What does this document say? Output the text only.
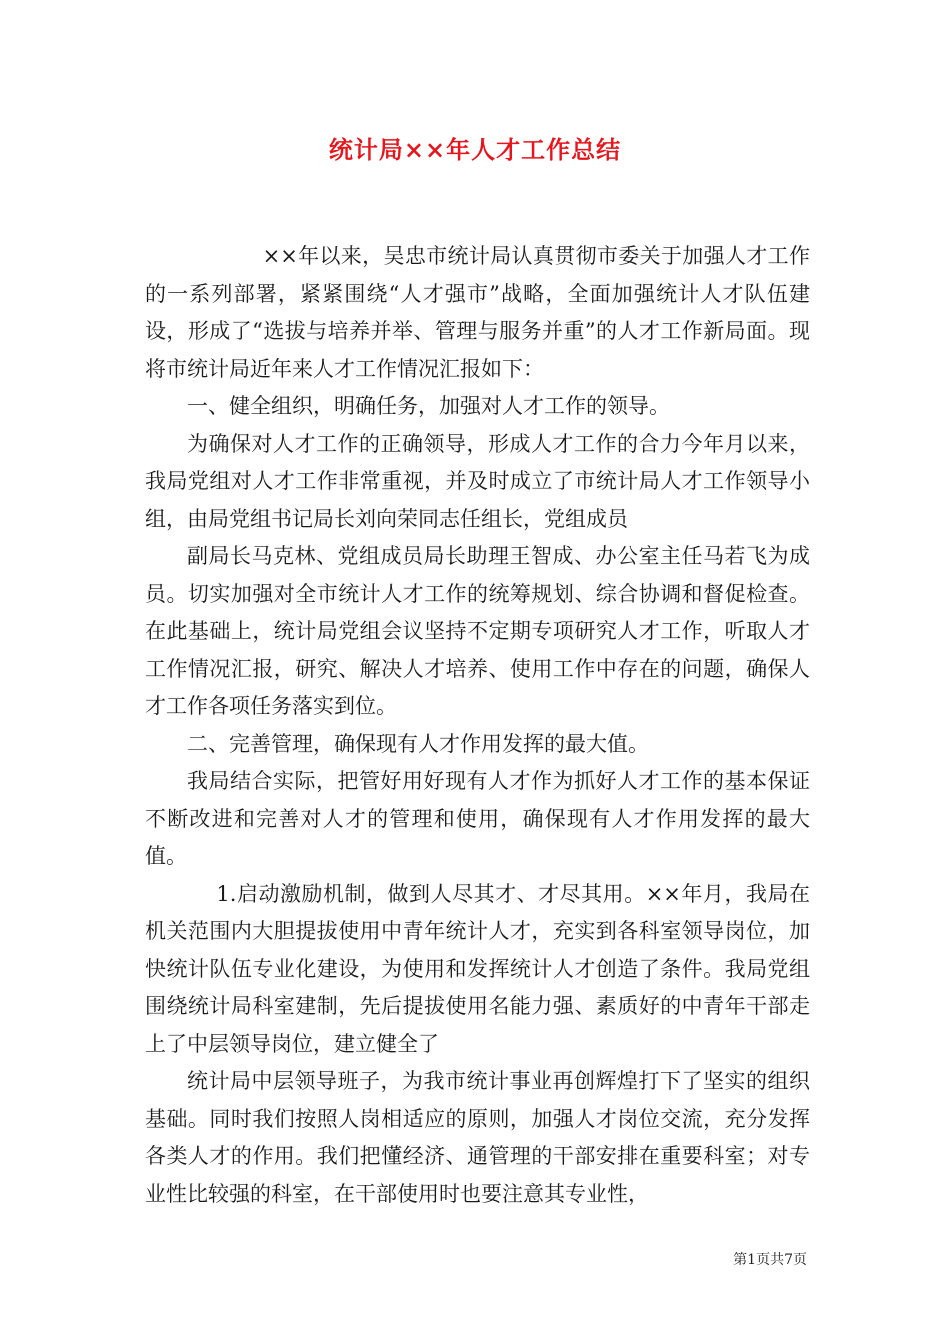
统计局××年人才工作总结

××年以来，吴忠市统计局认真贯彻市委关于加强人才工作的一系列部署，紧紧围绕“人才强市”战略，全面加强统计人才队伍建设，形成了“选拔与培养并举、管理与服务并重”的人才工作新局面。现将市统计局近年来人才工作情况汇报如下：

一、健全组织，明确任务，加强对人才工作的领导。

为确保对人才工作的正确领导，形成人才工作的合力今年月以来，我局党组对人才工作非常重视，并及时成立了市统计局人才工作领导小组，由局党组书记局长刘向荣同志任组长，党组成员

副局长马克林、党组成员局长助理王智成、办公室主任马若飞为成员。切实加强对全市统计人才工作的统筹规划、综合协调和督促检查。在此基础上，统计局党组会议坚持不定期专项研究人才工作，听取人才工作情况汇报，研究、解决人才培养、使用工作中存在的问题，确保人才工作各项任务落实到位。

二、完善管理，确保现有人才作用发挥的最大值。

我局结合实际，把管好用好现有人才作为抓好人才工作的基本保证不断改进和完善对人才的管理和使用，确保现有人才作用发挥的最大值。

1.启动激励机制，做到人尽其才、才尽其用。××年月，我局在机关范围内大胆提拔使用中青年统计人才，充实到各科室领导岗位，加快统计队伍专业化建设，为使用和发挥统计人才创造了条件。我局党组围绕统计局科室建制，先后提拔使用名能力强、素质好的中青年干部走上了中层领导岗位，建立健全了

统计局中层领导班子，为我市统计事业再创辉煌打下了坚实的组织基础。同时我们按照人岗相适应的原则，加强人才岗位交流，充分发挥各类人才的作用。我们把懂经济、通管理的干部安排在重要科室；对专业性比较强的科室，在干部使用时也要注意其专业性，

第1页共7页
